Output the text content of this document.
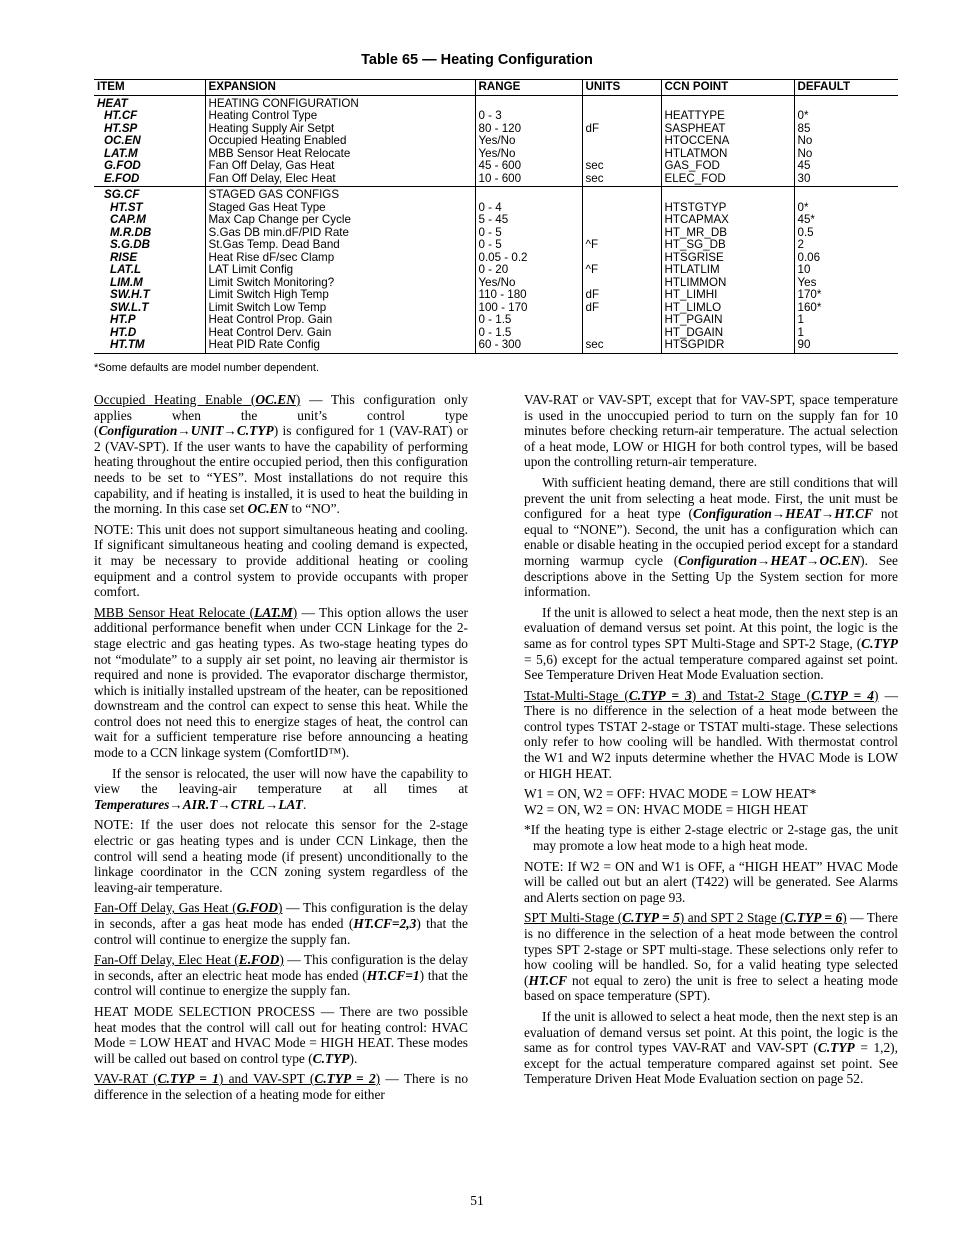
Table 65 — Heating Configuration
ITEM	EXPANSION	RANGE	UNITS	CCN POINT	DEFAULT
HEAT	HEATING CONFIGURATION				
HT.CF	Heating Control Type	0 - 3		HEATTYPE	0*
HT.SP	Heating Supply Air Setpt	80 - 120	dF	SASPHEAT	85
OC.EN	Occupied Heating Enabled	Yes/No		HTOCCENA	No
LAT.M	MBB Sensor Heat Relocate	Yes/No		HTLATMON	No
G.FOD	Fan Off Delay, Gas Heat	45 - 600	sec	GAS_FOD	45
E.FOD	Fan Off Delay, Elec Heat	10 - 600	sec	ELEC_FOD	30
SG.CF	STAGED GAS CONFIGS				
HT.ST	Staged Gas Heat Type	0 - 4		HTSTGTYP	0*
CAP.M	Max Cap Change per Cycle	5 - 45		HTCAPMAX	45*
M.R.DB	S.Gas DB min.dF/PID Rate	0 - 5		HT_MR_DB	0.5
S.G.DB	St.Gas Temp. Dead Band	0 - 5	^F	HT_SG_DB	2
RISE	Heat Rise dF/sec Clamp	0.05 - 0.2		HTSGRISE	0.06
LAT.L	LAT Limit Config	0 - 20	^F	HTLATLIM	10
LIM.M	Limit Switch Monitoring?	Yes/No		HTLIMMON	Yes
SW.H.T	Limit Switch High Temp	110 - 180	dF	HT_LIMHI	170*
SW.L.T	Limit Switch Low Temp	100 - 170	dF	HT_LIMLO	160*
HT.P	Heat Control Prop. Gain	0 - 1.5		HT_PGAIN	1
HT.D	Heat Control Derv. Gain	0 - 1.5		HT_DGAIN	1
HT.TM	Heat PID Rate Config	60 - 300	sec	HTSGPIDR	90
*Some defaults are model number dependent.

Occupied Heating Enable (OC.EN) — This configuration only applies when the unit’s control type (Configuration→UNIT→C.TYP) is configured for 1 (VAV-RAT) or 2 (VAV-SPT). If the user wants to have the capability of performing heating throughout the entire occupied period, then this configuration needs to be set to “YES”. Most installations do not require this capability, and if heating is installed, it is used to heat the building in the morning. In this case set OC.EN to “NO”.

NOTE: This unit does not support simultaneous heating and cooling. If significant simultaneous heating and cooling demand is expected, it may be necessary to provide additional heating or cooling equipment and a control system to provide occupants with proper comfort.

MBB Sensor Heat Relocate (LAT.M) — This option allows the user additional performance benefit when under CCN Linkage for the 2-stage electric and gas heating types. As two-stage heating types do not “modulate” to a supply air set point, no leaving air thermistor is required and none is provided. The evaporator discharge thermistor, which is initially installed upstream of the heater, can be repositioned downstream and the control can expect to sense this heat. While the control does not need this to energize stages of heat, the control can wait for a sufficient temperature rise before announcing a heating mode to a CCN linkage system (ComfortID™).

If the sensor is relocated, the user will now have the capability to view the leaving-air temperature at all times at Temperatures→AIR.T→CTRL→LAT.

NOTE: If the user does not relocate this sensor for the 2-stage electric or gas heating types and is under CCN Linkage, then the control will send a heating mode (if present) unconditionally to the linkage coordinator in the CCN zoning system regardless of the leaving-air temperature.

Fan-Off Delay, Gas Heat (G.FOD) — This configuration is the delay in seconds, after a gas heat mode has ended (HT.CF=2,3) that the control will continue to energize the supply fan.

Fan-Off Delay, Elec Heat (E.FOD) — This configuration is the delay in seconds, after an electric heat mode has ended (HT.CF=1) that the control will continue to energize the supply fan.

HEAT MODE SELECTION PROCESS — There are two possible heat modes that the control will call out for heating control: HVAC Mode = LOW HEAT and HVAC Mode = HIGH HEAT. These modes will be called out based on control type (C.TYP).

VAV-RAT (C.TYP = 1) and VAV-SPT (C.TYP = 2) — There is no difference in the selection of a heating mode for either

VAV-RAT or VAV-SPT, except that for VAV-SPT, space temperature is used in the unoccupied period to turn on the supply fan for 10 minutes before checking return-air temperature. The actual selection of a heat mode, LOW or HIGH for both control types, will be based upon the controlling return-air temperature.

With sufficient heating demand, there are still conditions that will prevent the unit from selecting a heat mode. First, the unit must be configured for a heat type (Configuration→HEAT→HT.CF not equal to “NONE”). Second, the unit has a configuration which can enable or disable heating in the occupied period except for a standard morning warmup cycle (Configuration→HEAT→OC.EN). See descriptions above in the Setting Up the System section for more information.

If the unit is allowed to select a heat mode, then the next step is an evaluation of demand versus set point. At this point, the logic is the same as for control types SPT Multi-Stage and SPT-2 Stage, (C.TYP = 5,6) except for the actual temperature compared against set point. See Temperature Driven Heat Mode Evaluation section.

Tstat-Multi-Stage (C.TYP = 3) and Tstat-2 Stage (C.TYP = 4) — There is no difference in the selection of a heat mode between the control types TSTAT 2-stage or TSTAT multi-stage. These selections only refer to how cooling will be handled. With thermostat control the W1 and W2 inputs determine whether the HVAC Mode is LOW or HIGH HEAT.

W1 = ON, W2 = OFF: HVAC MODE = LOW HEAT*

W2 = ON, W2 = ON: HVAC MODE = HIGH HEAT

*If the heating type is either 2-stage electric or 2-stage gas, the unit may promote a low heat mode to a high heat mode.

NOTE: If W2 = ON and W1 is OFF, a “HIGH HEAT” HVAC Mode will be called out but an alert (T422) will be generated. See Alarms and Alerts section on page 93.

SPT Multi-Stage (C.TYP = 5) and SPT 2 Stage (C.TYP = 6) — There is no difference in the selection of a heat mode between the control types SPT 2-stage or SPT multi-stage. These selections only refer to how cooling will be handled. So, for a valid heating type selected (HT.CF not equal to zero) the unit is free to select a heating mode based on space temperature (SPT).

If the unit is allowed to select a heat mode, then the next step is an evaluation of demand versus set point. At this point, the logic is the same as for control types VAV-RAT and VAV-SPT (C.TYP = 1,2), except for the actual temperature compared against set point. See Temperature Driven Heat Mode Evaluation section on page 52.

51
